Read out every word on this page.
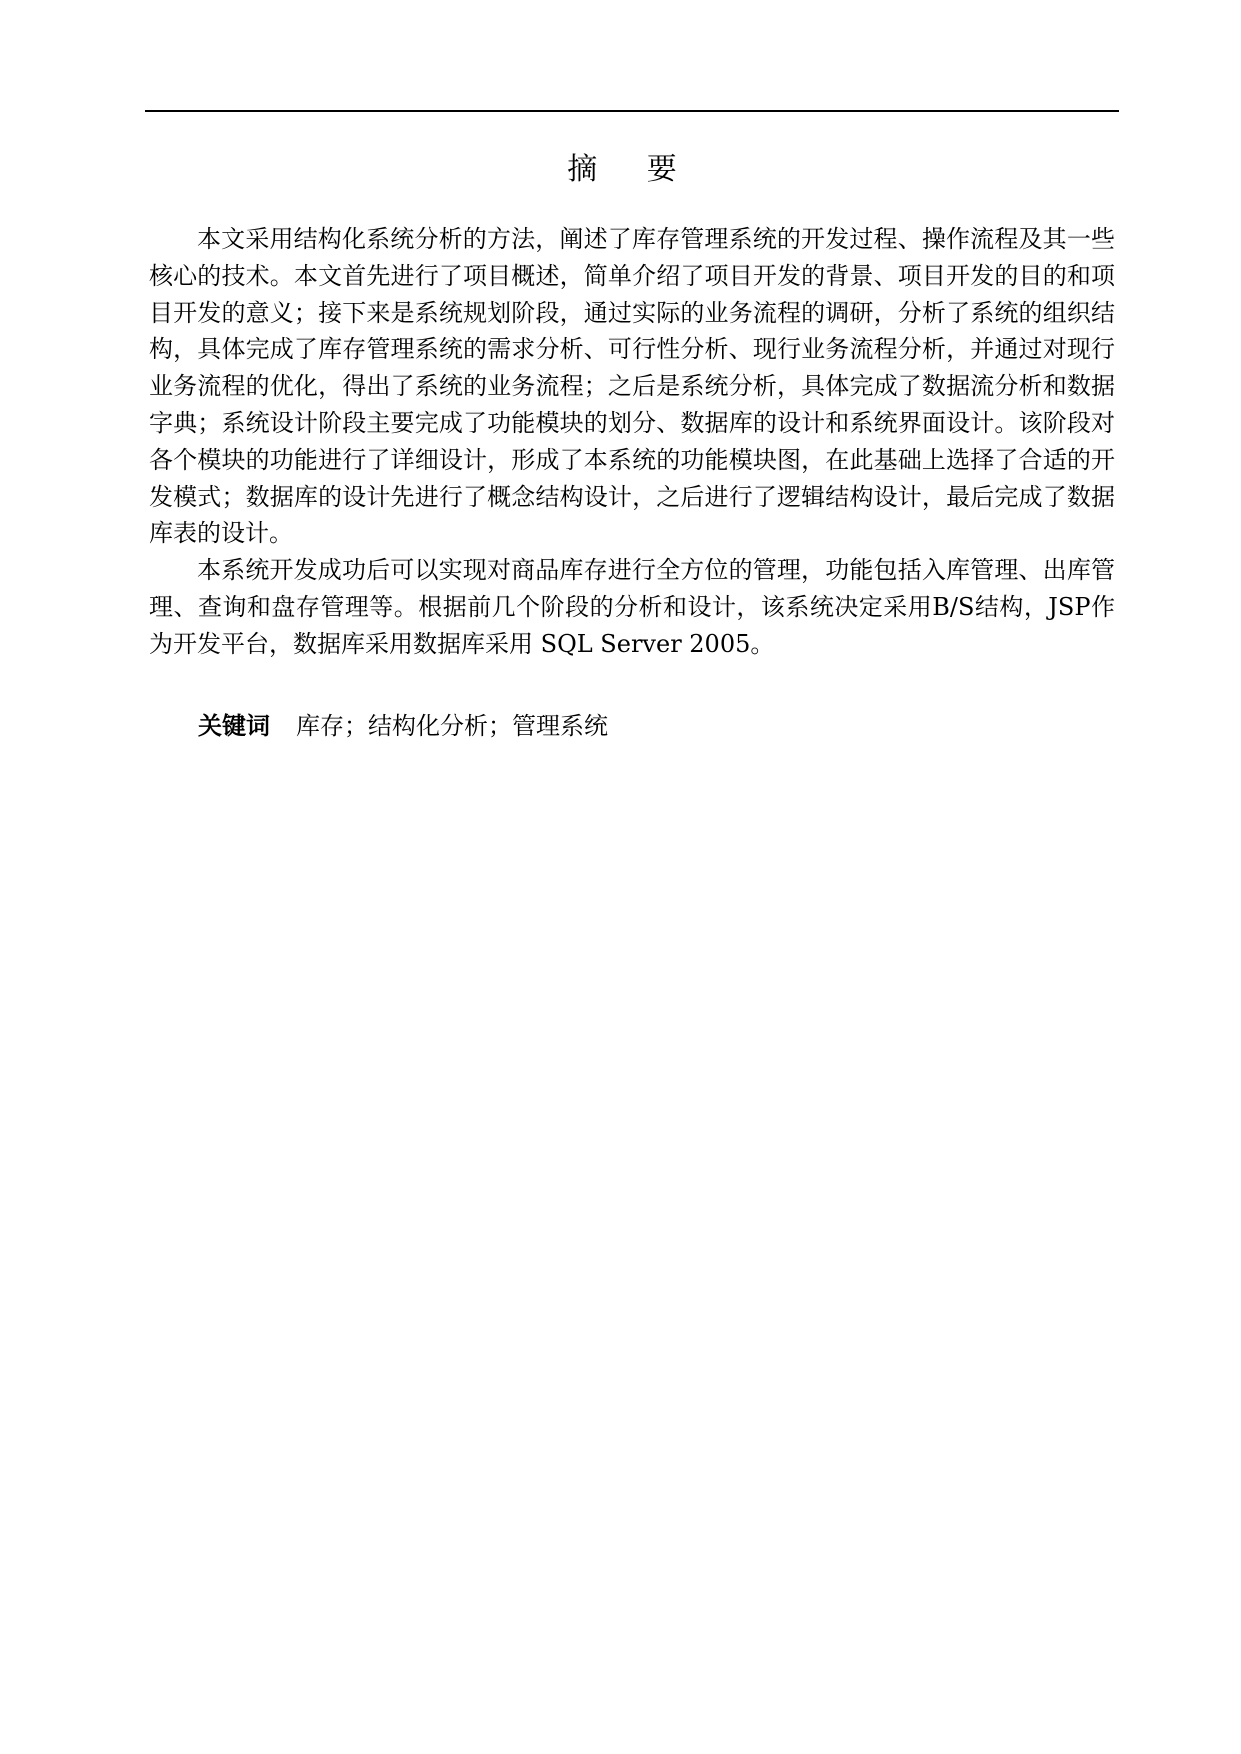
摘 要

本文采用结构化系统分析的方法，阐述了库存管理系统的开发过程、操作流程及其一些核心的技术。本文首先进行了项目概述，简单介绍了项目开发的背景、项目开发的目的和项目开发的意义；接下来是系统规划阶段，通过实际的业务流程的调研，分析了系统的组织结构，具体完成了库存管理系统的需求分析、可行性分析、现行业务流程分析，并通过对现行业务流程的优化，得出了系统的业务流程；之后是系统分析，具体完成了数据流分析和数据字典；系统设计阶段主要完成了功能模块的划分、数据库的设计和系统界面设计。该阶段对各个模块的功能进行了详细设计，形成了本系统的功能模块图，在此基础上选择了合适的开发模式；数据库的设计先进行了概念结构设计，之后进行了逻辑结构设计，最后完成了数据库表的设计。

本系统开发成功后可以实现对商品库存进行全方位的管理，功能包括入库管理、出库管理、查询和盘存管理等。根据前几个阶段的分析和设计，该系统决定采用B/S结构，JSP作为开发平台，数据库采用数据库采用 SQL Server 2005。

关键词 库存；结构化分析；管理系统
